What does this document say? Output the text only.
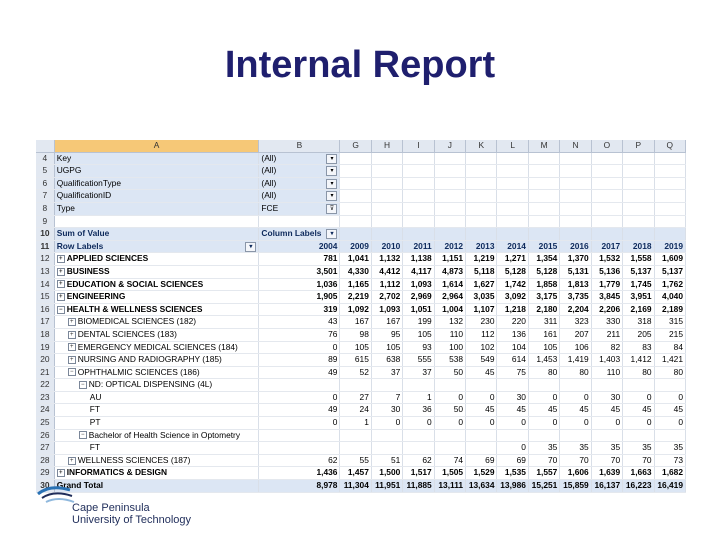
Internal Report
	A	B	G	H	I	J	K	L	M	N	O	P	Q
4	Key	(All) ▾											

5	UGPG	(All) ▾											

6	QualificationType	(All) ▾											

7	QualificationID	(All) ▾											

8	Type	FCE ⊽											

9													
10	Sum of Value	Column Labels ▾											

11	Row Labels ▾	2004	2009	2010	2011	2012	2013	2014	2015	2016	2017	2018	2019
12	+ APPLIED SCIENCES	781	1,041	1,132	1,138	1,151	1,219	1,271	1,354	1,370	1,532	1,558	1,609
13	+ BUSINESS	3,501	4,330	4,412	4,117	4,873	5,118	5,128	5,128	5,131	5,136	5,137	5,137
14	+ EDUCATION & SOCIAL SCIENCES	1,036	1,165	1,112	1,093	1,614	1,627	1,742	1,858	1,813	1,779	1,745	1,762
15	+ ENGINEERING	1,905	2,219	2,702	2,969	2,964	3,035	3,092	3,175	3,735	3,845	3,951	4,040
16	− HEALTH & WELLNESS SCIENCES	319	1,092	1,093	1,051	1,004	1,107	1,218	2,180	2,204	2,206	2,169	2,189
17	+ BIOMEDICAL SCIENCES (182)	43	167	167	199	132	230	220	311	323	330	318	315
18	+ DENTAL SCIENCES (183)	76	98	95	105	110	112	136	161	207	211	205	215
19	+ EMERGENCY MEDICAL SCIENCES (184)	0	105	105	93	100	102	104	105	106	82	83	84
20	+ NURSING AND RADIOGRAPHY (185)	89	615	638	555	538	549	614	1,453	1,419	1,403	1,412	1,421
21	− OPHTHALMIC SCIENCES (186)	49	52	37	37	50	45	75	80	80	110	80	80
22	− ND: OPTICAL DISPENSING (4L)												
23	AU	0	27	7	1	0	0	30	0	0	30	0	0
24	FT	49	24	30	36	50	45	45	45	45	45	45	45
25	PT	0	1	0	0	0	0	0	0	0	0	0	0
26	− Bachelor of Health Science in Optometry												
27	FT							0	35	35	35	35	35
28	+ WELLNESS SCIENCES (187)	62	55	51	62	74	69	69	70	70	70	70	73
29	+ INFORMATICS & DESIGN	1,436	1,457	1,500	1,517	1,505	1,529	1,535	1,557	1,606	1,639	1,663	1,682
30	Grand Total	8,978	11,304	11,951	11,885	13,111	13,634	13,986	15,251	15,859	16,137	16,223	16,419
Cape Peninsula
University of Technology
